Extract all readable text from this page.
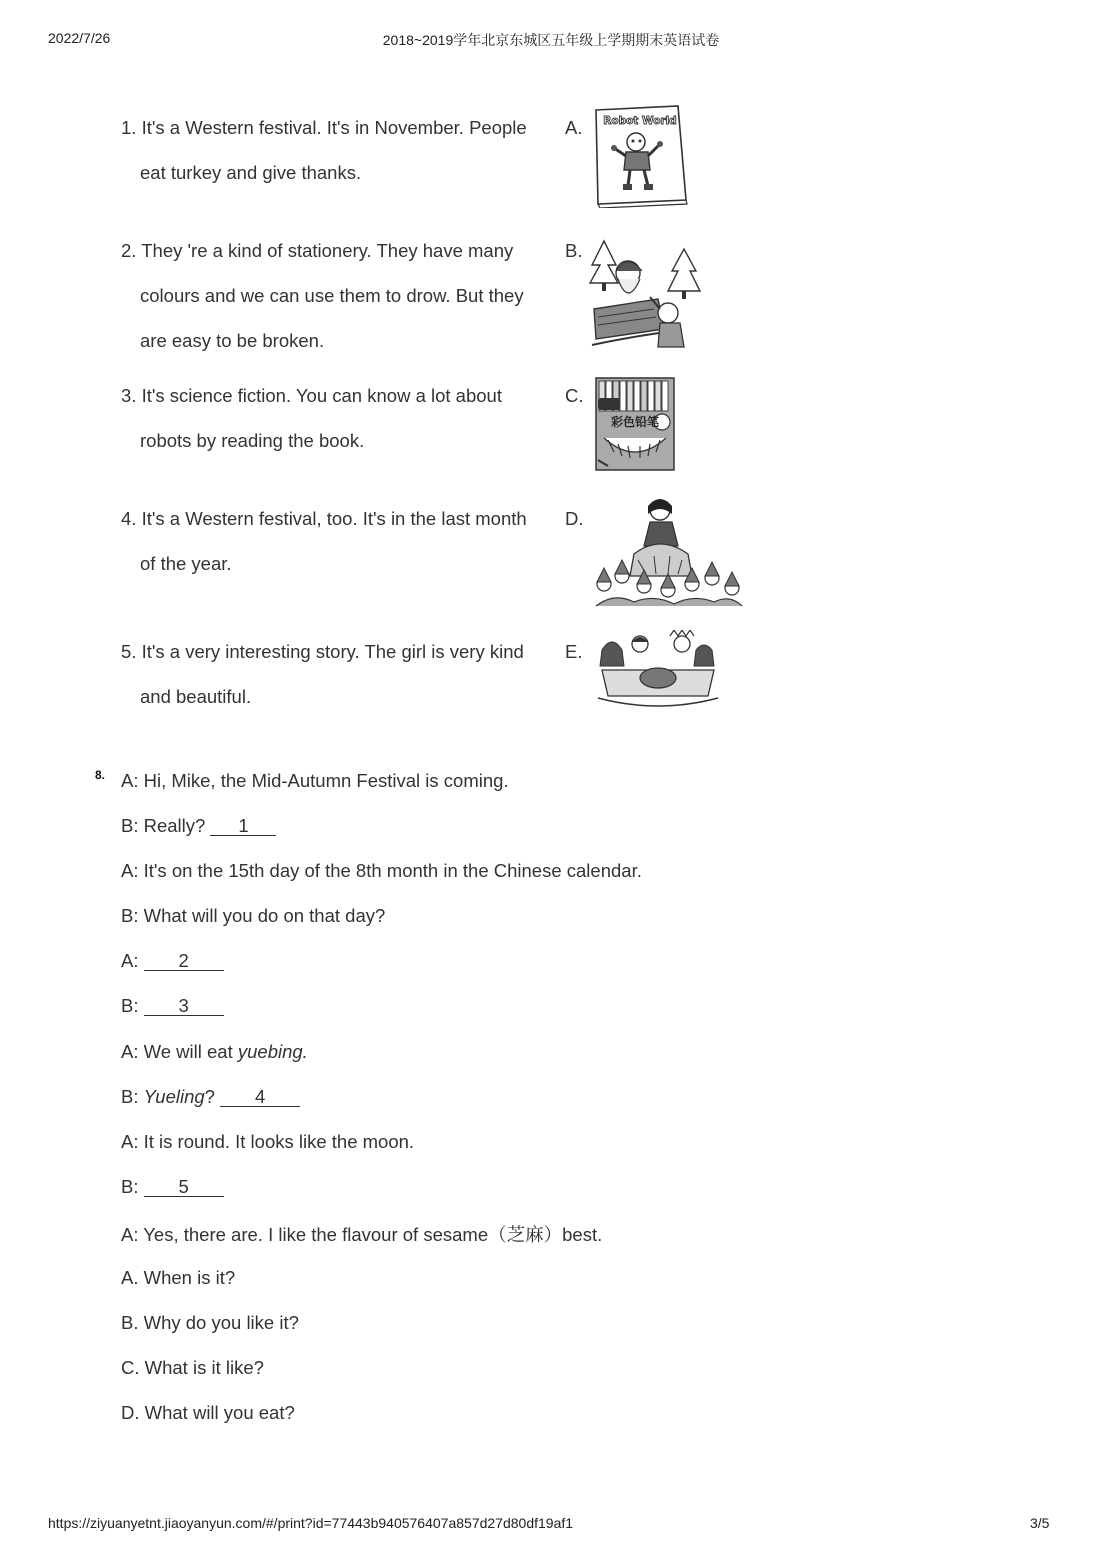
2022/7/26	2018~2019学年北京东城区五年级上学期期末英语试卷
1. It's a Western festival. It's in November. People
eat turkey and give thanks.
2. They 're a kind of stationery. They have many
colours and we can use them to drow. But they
are easy to be broken.
3. It's science fiction. You can know a lot about
robots by reading the book.
4. It's a Western festival, too. It's in the last month
of the year.
5. It's a very interesting story. The girl is very kind
and beautiful.
A.
B.
C.
D.
E.
Robot World
彩色铅笔
8. A: Hi, Mike, the Mid-Autumn Festival is coming.
B: Really? 1
A: It's on the 15th day of the 8th month in the Chinese calendar.
B: What will you do on that day?
A: 2
B: 3
A: We will eat yuebing.
B: Yueling? 4
A: It is round. It looks like the moon.
B: 5
A: Yes, there are. I like the flavour of sesame（芝麻）best.
A. When is it?
B. Why do you like it?
C. What is it like?
D. What will you eat?
https://ziyuanyetnt.jiaoyanyun.com/#/print?id=77443b940576407a857d27d80df19af1	3/5
